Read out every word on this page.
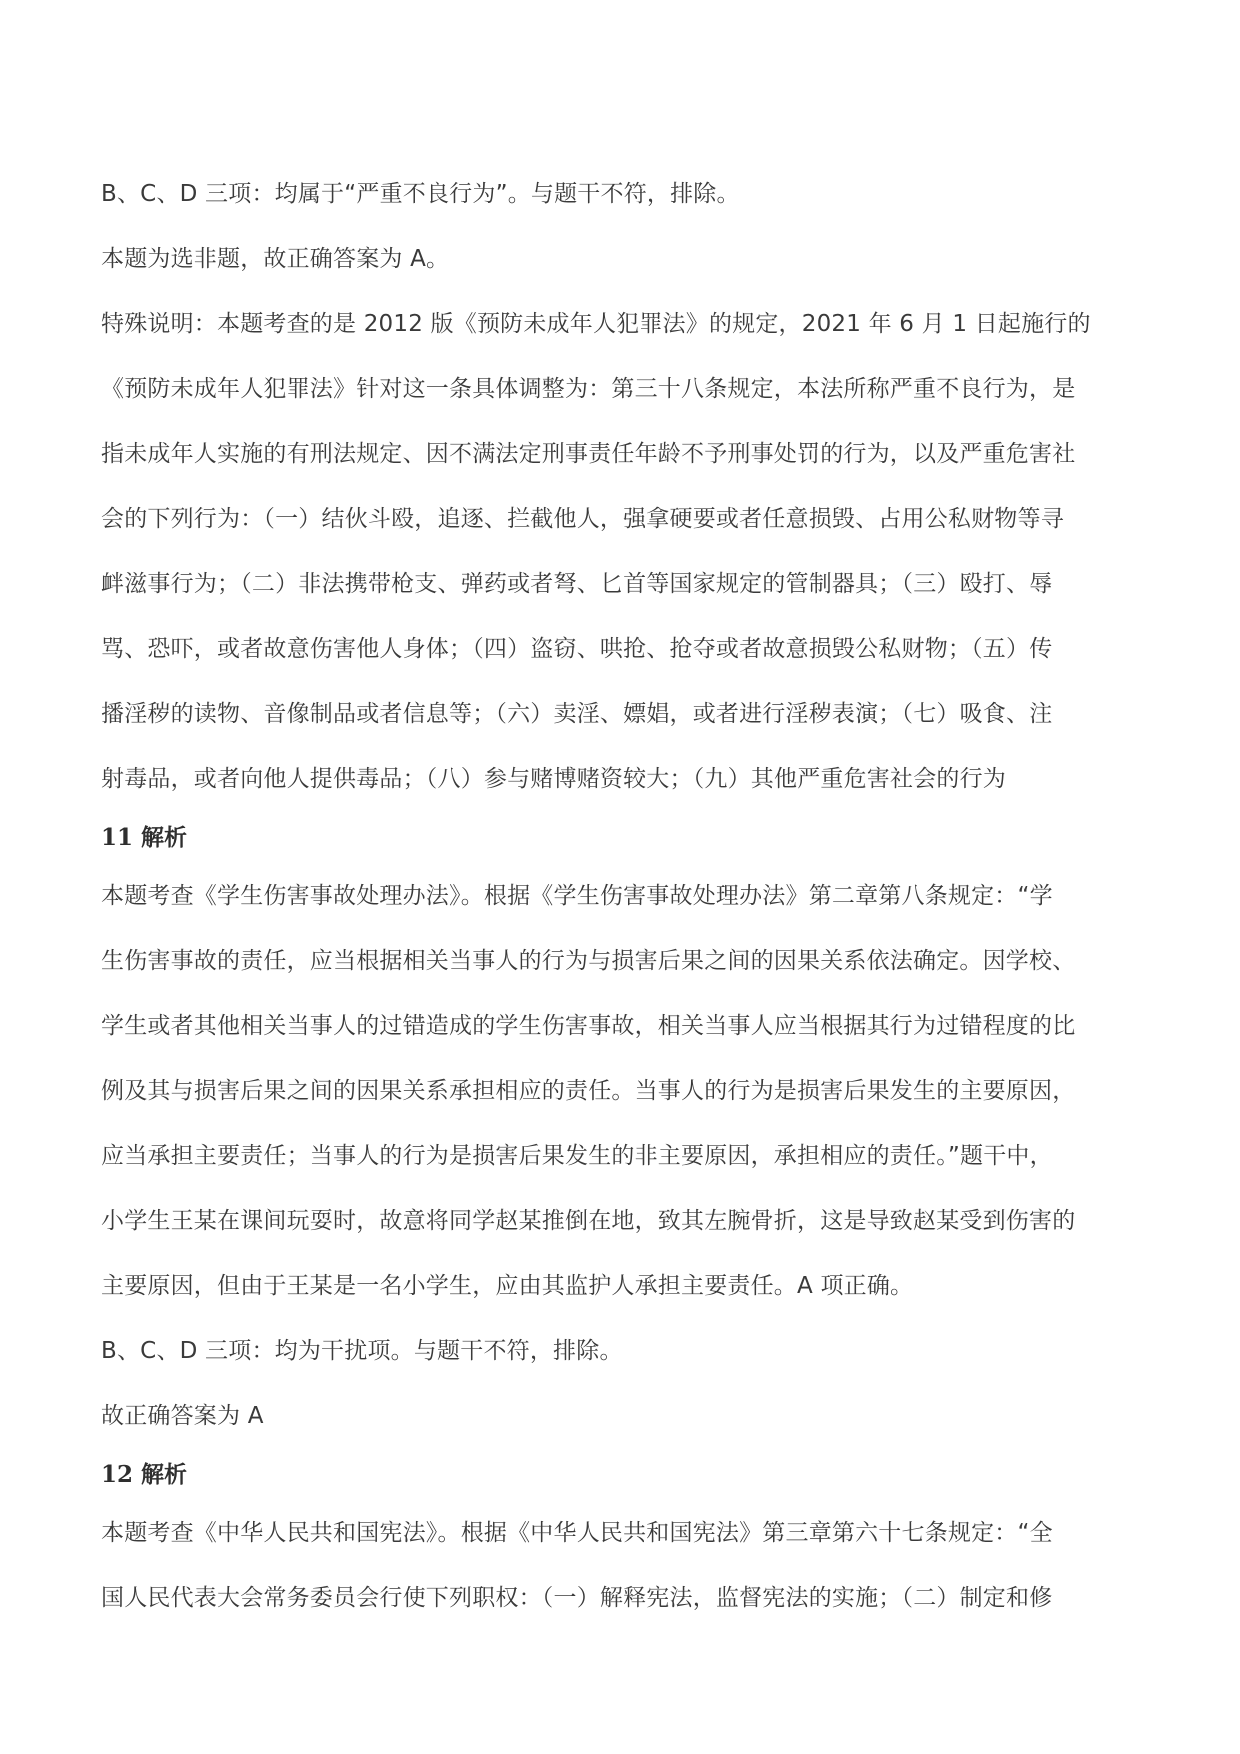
B、C、D 三项：均属于“严重不良行为”。与题干不符，排除。
本题为选非题，故正确答案为 A。
特殊说明：本题考查的是 2012 版《预防未成年人犯罪法》的规定，2021 年 6 月 1 日起施行的
《预防未成年人犯罪法》针对这一条具体调整为：第三十八条规定，本法所称严重不良行为，是
指未成年人实施的有刑法规定、因不满法定刑事责任年龄不予刑事处罚的行为，以及严重危害社
会的下列行为：（一）结伙斗殴，追逐、拦截他人，强拿硬要或者任意损毁、占用公私财物等寻
衅滋事行为；（二）非法携带枪支、弹药或者弩、匕首等国家规定的管制器具；（三）殴打、辱
骂、恐吓，或者故意伤害他人身体；（四）盗窃、哄抢、抢夺或者故意损毁公私财物；（五）传
播淫秽的读物、音像制品或者信息等；（六）卖淫、嫖娼，或者进行淫秽表演；（七）吸食、注
射毒品，或者向他人提供毒品；（八）参与赌博赌资较大；（九）其他严重危害社会的行为
11 解析
本题考查《学生伤害事故处理办法》。根据《学生伤害事故处理办法》第二章第八条规定：“学
生伤害事故的责任，应当根据相关当事人的行为与损害后果之间的因果关系依法确定。因学校、
学生或者其他相关当事人的过错造成的学生伤害事故，相关当事人应当根据其行为过错程度的比
例及其与损害后果之间的因果关系承担相应的责任。当事人的行为是损害后果发生的主要原因，
应当承担主要责任；当事人的行为是损害后果发生的非主要原因，承担相应的责任。”题干中，
小学生王某在课间玩耍时，故意将同学赵某推倒在地，致其左腕骨折，这是导致赵某受到伤害的
主要原因，但由于王某是一名小学生，应由其监护人承担主要责任。A 项正确。
B、C、D 三项：均为干扰项。与题干不符，排除。
故正确答案为 A
12 解析
本题考查《中华人民共和国宪法》。根据《中华人民共和国宪法》第三章第六十七条规定：“全
国人民代表大会常务委员会行使下列职权：（一）解释宪法，监督宪法的实施；（二）制定和修
